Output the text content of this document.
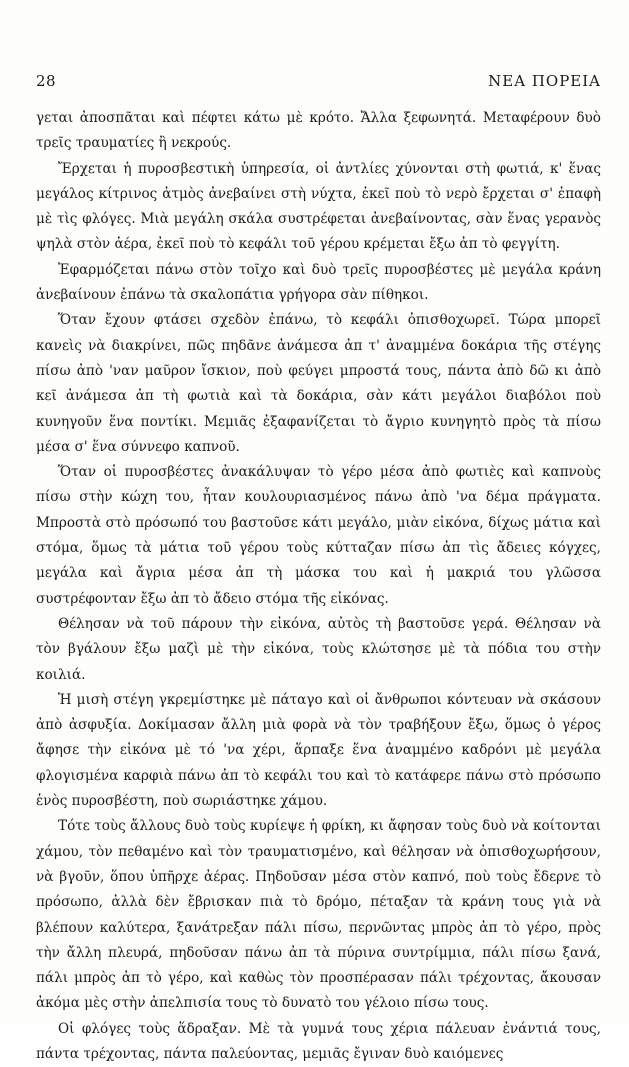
28	ΝΕΑ ΠΟΡΕΙΑ

γεται ἀποσπᾶται καὶ πέφτει κάτω μὲ κρότο. Ἄλλα ξεφωνητά. Μεταφέρουν δυὸ τρεῖς τραυματίες ἢ νεκρούς.

Ἔρχεται ἡ πυροσβεστικὴ ὑπηρεσία, οἱ ἀντλίες χύνονται στὴ φωτιά, κ' ἕνας μεγάλος κίτρινος ἀτμὸς ἀνεβαίνει στὴ νύχτα, ἐκεῖ ποὺ τὸ νερὸ ἔρχεται σ' ἐπαφὴ μὲ τὶς φλόγες. Μιὰ μεγάλη σκάλα συστρέφεται ἀνεβαίνοντας, σὰν ἕνας γερανὸς ψηλὰ στὸν ἀέρα, ἐκεῖ ποὺ τὸ κεφάλι τοῦ γέρου κρέμεται ἔξω ἀπ τὸ φεγγίτη.

Ἐφαρμόζεται πάνω στὸν τοῖχο καὶ δυὸ τρεῖς πυροσβέστες μὲ μεγάλα κράνη ἀνεβαίνουν ἐπάνω τὰ σκαλοπάτια γρήγορα σὰν πίθηκοι.

Ὅταν ἔχουν φτάσει σχεδὸν ἐπάνω, τὸ κεφάλι ὀπισθοχωρεῖ. Τώρα μπορεῖ κανεὶς νὰ διακρίνει, πῶς πηδᾶνε ἀνάμεσα ἀπ τ' ἀναμμένα δοκάρια τῆς στέγης πίσω ἀπὸ 'ναν μαῦρον ἴσκιον, ποὺ φεύγει μπροστά τους, πάντα ἀπὸ δῶ κι ἀπὸ κεῖ ἀνάμεσα ἀπ τὴ φωτιὰ καὶ τὰ δοκάρια, σὰν κάτι μεγάλοι διαβόλοι ποὺ κυνηγοῦν ἕνα ποντίκι. Μεμιᾶς ἐξαφανίζεται τὸ ἄγριο κυνηγητὸ πρὸς τὰ πίσω μέσα σ' ἕνα σύννεφο καπνοῦ.

Ὅταν οἱ πυροσβέστες ἀνακάλυψαν τὸ γέρο μέσα ἀπὸ φωτιὲς καὶ καπνοὺς πίσω στὴν κώχη του, ἦταν κουλουριασμένος πάνω ἀπὸ 'να δέμα πράγματα. Μπροστὰ στὸ πρόσωπό του βαστοῦσε κάτι μεγάλο, μιὰν εἰκόνα, δίχως μάτια καὶ στόμα, ὅμως τὰ μάτια τοῦ γέρου τοὺς κύτταζαν πίσω ἀπ τὶς ἄδειες κόγχες, μεγάλα καὶ ἄγρια μέσα ἀπ τὴ μάσκα του καὶ ἡ μακριά του γλῶσσα συστρέφονταν ἔξω ἀπ τὸ ἄδειο στόμα τῆς εἰκόνας.

Θέλησαν νὰ τοῦ πάρουν τὴν εἰκόνα, αὐτὸς τὴ βαστοῦσε γερά. Θέλησαν νὰ τὸν βγάλουν ἔξω μαζὶ μὲ τὴν εἰκόνα, τοὺς κλώτσησε μὲ τὰ πόδια του στὴν κοιλιά.

Ἡ μισὴ στέγη γκρεμίστηκε μὲ πάταγο καὶ οἱ ἄνθρωποι κόντευαν νὰ σκάσουν ἀπὸ ἀσφυξία. Δοκίμασαν ἄλλη μιὰ φορὰ νὰ τὸν τραβήξουν ἔξω, ὅμως ὁ γέρος ἄφησε τὴν εἰκόνα μὲ τό 'να χέρι, ἅρπαξε ἕνα ἀναμμένο καδρόνι μὲ μεγάλα φλογισμένα καρφιὰ πάνω ἀπ τὸ κεφάλι του καὶ τὸ κατάφερε πάνω στὸ πρόσωπο ἑνὸς πυροσβέστη, ποὺ σωριάστηκε χάμου.

Τότε τοὺς ἄλλους δυὸ τοὺς κυρίεψε ἡ φρίκη, κι ἄφησαν τοὺς δυὸ νὰ κοίτονται χάμου, τὸν πεθαμένο καὶ τὸν τραυματισμένο, καὶ θέλησαν νὰ ὀπισθοχωρήσουν, νὰ βγοῦν, ὅπου ὑπῆρχε ἀέρας. Πηδοῦσαν μέσα στὸν καπνό, ποὺ τοὺς ἔδερνε τὸ πρόσωπο, ἀλλὰ δὲν ἔβρισκαν πιὰ τὸ δρόμο, πέταξαν τὰ κράνη τους γιὰ νὰ βλέπουν καλύτερα, ξανάτρεξαν πάλι πίσω, περνῶντας μπρὸς ἀπ τὸ γέρο, πρὸς τὴν ἄλλη πλευρά, πηδοῦσαν πάνω ἀπ τὰ πύρινα συντρίμμια, πάλι πίσω ξανά, πάλι μπρὸς ἀπ τὸ γέρο, καὶ καθὼς τὸν προσπέρασαν πάλι τρέχοντας, ἄκουσαν ἀκόμα μὲς στὴν ἀπελπισία τους τὸ δυνατὸ του γέλοιο πίσω τους.

Οἱ φλόγες τοὺς ἅδραξαν. Μὲ τὰ γυμνά τους χέρια πάλευαν ἐνάντιά τους, πάντα τρέχοντας, πάντα παλεύοντας, μεμιᾶς ἔγιναν δυὸ καιόμενες
